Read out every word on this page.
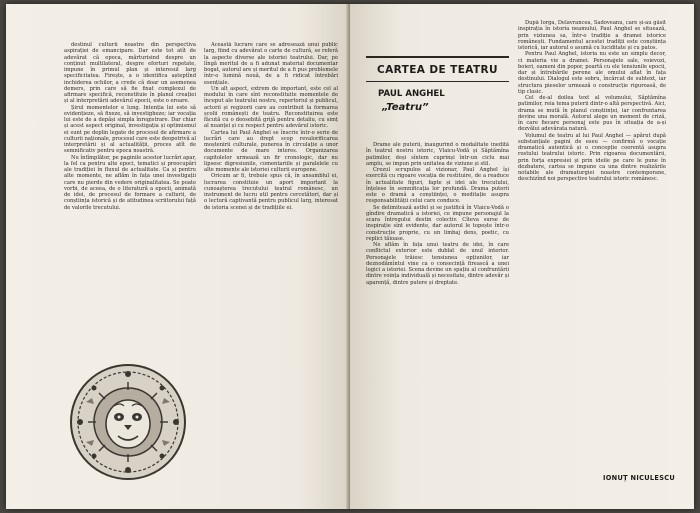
destinul culturii noastre din perspectiva aspirației de emancipare. Dar este tot atît de adevărat că epoca, mărturisind despre un conținut multilateral, despre eforturi repetate, impune în primul plan și interesul larg specificitatea. Firește, a o identifica așteptînd inchiderea ochilor, a crede că doar un asemenea demers, prin care să fie fixat complexul de afirmare specifică, reconstituie în planul creației și al interpretării adevărul epocii, este o eroare.

Șirul momentelor e lung. Intenția lui este să evidențieze, să fixeze, să investigheze; iar vocația lui este de a depăși simpla înregistrare. Dar chiar și acest aspect original, investigația și optimismul ei sunt pe deplin legate de procesul de afirmare a culturii naționale, procesul care este deopotrivă al interpretării și al actualității, proces atît de semnificativ pentru epoca noastră.

Nu întîmplător, pe paginile acestor lucrări apar, la fel ca pentru alte epoci, tematici și preocupări ale tradiției în fluxul de actualitate. Ca și pentru alte momente, ne aflăm în fața unei investigații care nu pierde din vedere originalitatea. Se poate vorbi, de aceea, de o literatură a epocii, animată de idei, de procesul de formare a culturii, de conștiința istorică și de atitudinea scriitorului față de valorile trecutului.

Această lucrare care se adresează unui public larg, fiind cu adevărat o carte de cultură, se referă la aspecte diverse ale istoriei teatrului. Dar, pe lîngă meritul de a fi adunat material documentar bogat, autorul are și meritul de a fi pus problemele într-o lumină nouă, de a fi ridicat întrebări esențiale.

Un alt aspect, extrem de important, este cel al modului în care sînt reconstituite momentele de început ale teatrului nostru, repertoriul și publicul, actorii și regizorii care au contribuit la formarea școlii românești de teatru. Reconstituirea este făcută cu o deosebită grijă pentru detaliu, cu simț al nuanței și cu respect pentru adevărul istoric.

Cartea lui Paul Anghel se înscrie într-o serie de lucrări care au drept scop revalorificarea moștenirii culturale, punerea în circulație a unor documente de mare interes. Organizarea capitolelor urmează un fir cronologic, dar nu lipsesc digresiunile, comentariile și paralelele cu alte momente ale istoriei culturii europene.

Oricum ar fi, trebuie spus că, în ansamblul ei, lucrarea constituie un aport important la cunoașterea trecutului teatral românesc, un instrument de lucru util pentru cercetători, dar și o lectură captivantă pentru publicul larg, interesat de istoria scenei și de tradițiile ei.

CARTEA DE TEATRU
PAUL ANGHEL
„Teatru”

Drame ale puterii, inaugurînd o modalitate inedită în teatrul nostru istoric, Vlaicu-Vodă și Săptămîna patimilor, deși sîntem cuprinși într-un ciclu mai amplu, se impun prin unitatea de viziune și stil.

Crezul scrupulos al vizionar, Paul Anghel își exercită cu rigoare vocația de restituire, de a readuce în actualitate figuri, fapte și idei ale trecutului, înțelese în semnificația lor profundă. Drama puterii este o dramă a conștiinței, o meditație asupra responsabilității celui care conduce.

Se delimitează astfel și se justifică în Vlaicu-Vodă o gîndire dramatică a istoriei, ce impune personajul la scara întregului destin colectiv. Cîteva surse de inspirație sînt evidente, dar autorul le topește într-o construcție proprie, cu un limbaj dens, poetic, cu replici tăioase.

Ne aflăm în fața unui teatru de idei, în care conflictul exterior este dublat de unul interior. Personajele trăiesc tensiunea opțiunilor, iar deznodămîntul vine ca o consecință firească a unei logici a istoriei. Scena devine un spațiu al confruntării dintre voința individuală și necesitate, dintre adevăr și aparență, dintre putere și dreptate.

După Iorga, Delavrancea, Sadoveanu, care și-au găsit inspirația în istoria neamului, Paul Anghel se situează, prin viziunea sa, într-o tradiție a dramei istorice românești. Fundamentul acestei tradiții este conștiința istorică, iar autorul o asumă cu luciditate și cu patos.

Pentru Paul Anghel, istoria nu este un simplu decor, ci materia vie a dramei. Personajele sale, voievozi, boieri, oameni din popor, poartă cu ele tensiunile epocii, dar și întrebările perene ale omului aflat în fața destinului. Dialogul este sobru, încărcat de subtext, iar structura pieselor urmează o construcție riguroasă, de tip clasic.

Cel de-al doilea text al volumului, Săptămîna patimilor, reia tema puterii dintr-o altă perspectivă. Aici, drama se mută în planul conștiinței, iar confruntarea devine una morală. Autorul alege un moment de criză, în care fiecare personaj este pus în situația de a-și dezvălui adevărata natură.

Volumul de teatru al lui Paul Anghel — apărut după substanțiale pagini de eseu — confirmă o vocație dramatică autentică și o concepție coerentă asupra rostului teatrului istoric. Prin rigoarea documentării, prin forța expresiei și prin ideile pe care le pune în dezbatere, cartea se impune ca una dintre realizările notabile ale dramaturgiei noastre contemporane, deschizînd noi perspective teatrului istoric românesc.

IONUȚ NICULESCU
